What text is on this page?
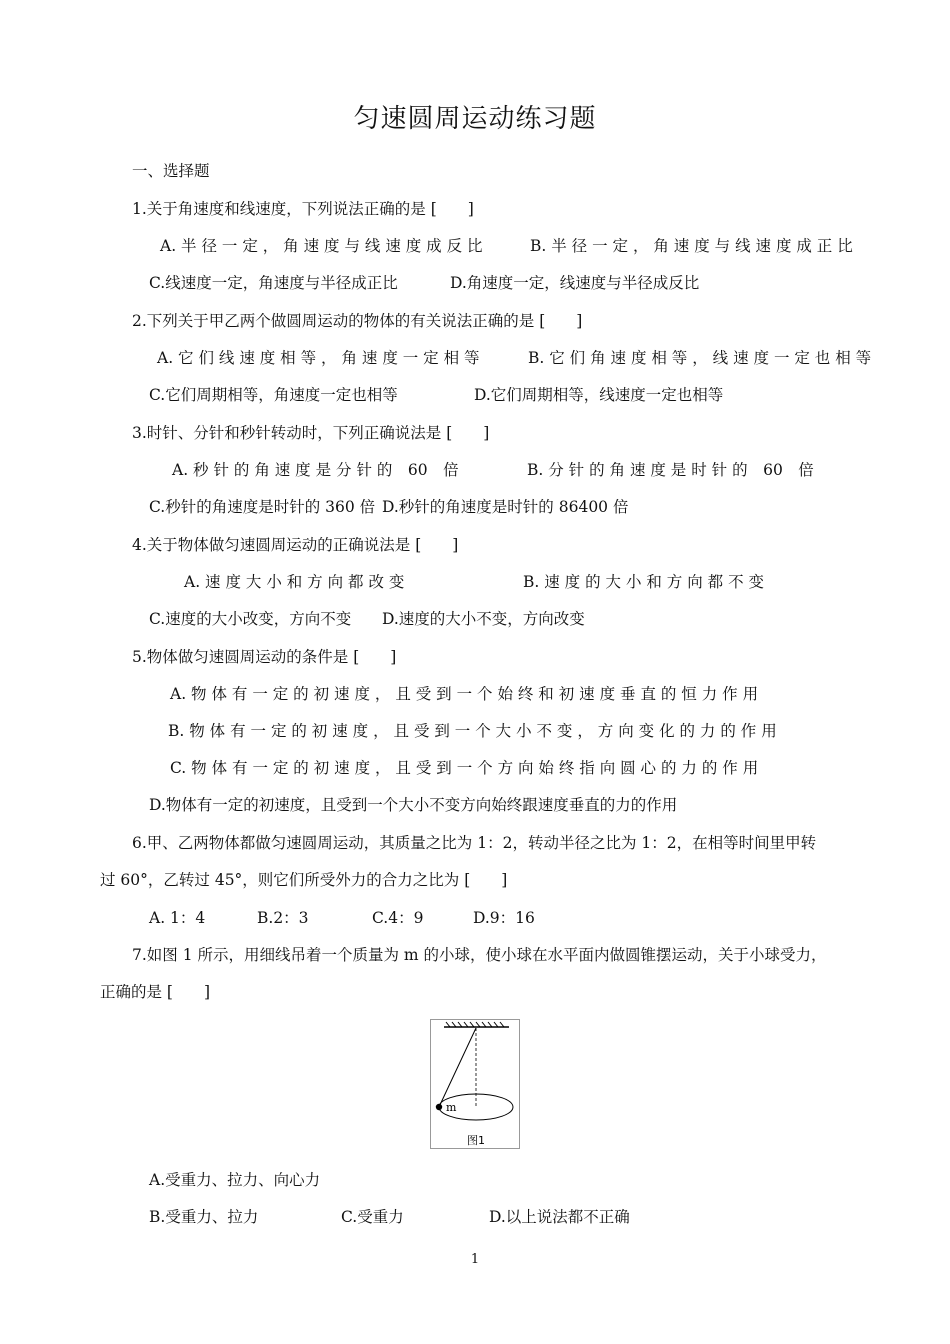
匀速圆周运动练习题
一、选择题
1.关于角速度和线速度，下列说法正确的是 [　　]
A. 半 径 一 定 ， 角 速 度 与 线 速 度 成 反 比	B. 半 径 一 定 ， 角 速 度 与 线 速 度 成 正 比
C.线速度一定，角速度与半径成正比	D.角速度一定，线速度与半径成反比
2.下列关于甲乙两个做圆周运动的物体的有关说法正确的是 [　　]
A. 它 们 线 速 度 相 等 ， 角 速 度 一 定 相 等	B. 它 们 角 速 度 相 等 ， 线 速 度 一 定 也 相 等
C.它们周期相等，角速度一定也相等	D.它们周期相等，线速度一定也相等
3.时针、分针和秒针转动时，下列正确说法是 [　　]
A. 秒 针 的 角 速 度 是 分 针 的　60　倍	B. 分 针 的 角 速 度 是 时 针 的　60　倍
C.秒针的角速度是时针的 360 倍 D.秒针的角速度是时针的 86400 倍
4.关于物体做匀速圆周运动的正确说法是 [　　]
A. 速 度 大 小 和 方 向 都 改 变	B. 速 度 的 大 小 和 方 向 都 不 变
C.速度的大小改变，方向不变 D.速度的大小不变，方向改变
5.物体做匀速圆周运动的条件是 [　　]
A. 物 体 有 一 定 的 初 速 度 ， 且 受 到 一 个 始 终 和 初 速 度 垂 直 的 恒 力 作 用
B. 物 体 有 一 定 的 初 速 度 ， 且 受 到 一 个 大 小 不 变 ， 方 向 变 化 的 力 的 作 用
C. 物 体 有 一 定 的 初 速 度 ， 且 受 到 一 个 方 向 始 终 指 向 圆 心 的 力 的 作 用
D.物体有一定的初速度，且受到一个大小不变方向始终跟速度垂直的力的作用
6.甲、乙两物体都做匀速圆周运动，其质量之比为 1：2，转动半径之比为 1：2，在相等时间里甲转
过 60°，乙转过 45°，则它们所受外力的合力之比为 [　　]
A. 1：4	B.2：3	C.4：9	D.9：16
7.如图 1 所示，用细线吊着一个质量为 m 的小球，使小球在水平面内做圆锥摆运动，关于小球受力，
正确的是 [　　]
m
图1
A.受重力、拉力、向心力
B.受重力、拉力	C.受重力	D.以上说法都不正确
1
